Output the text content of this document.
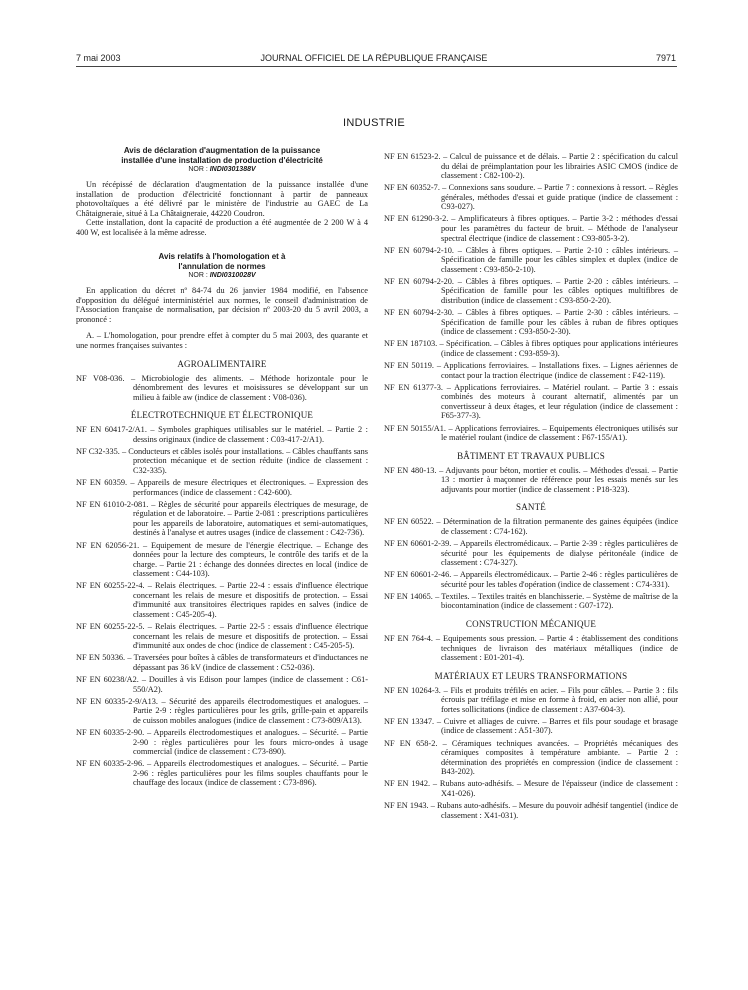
7 mai 2003	JOURNAL OFFICIEL DE LA RÉPUBLIQUE FRANÇAISE	7971
INDUSTRIE

Avis de déclaration d'augmentation de la puissance installée d'une installation de production d'électricité

NOR : INDI0301388V

Un récépissé de déclaration d'augmentation de la puissance installée d'une installation de production d'électricité fonctionnant à partir de panneaux photovoltaïques a été délivré par le ministère de l'industrie au GAEC de La Châtaigneraie, situé à La Châtaigneraie, 44220 Coudron.

Cette installation, dont la capacité de production a été augmentée de 2 200 W à 4 400 W, est localisée à la même adresse.

Avis relatifs à l'homologation et à l'annulation de normes

NOR : INDI0310028V

En application du décret nº 84-74 du 26 janvier 1984 modifié, en l'absence d'opposition du délégué interministériel aux normes, le conseil d'administration de l'Association française de normalisation, par décision nº 2003-20 du 5 avril 2003, a prononcé :

A. – L'homologation, pour prendre effet à compter du 5 mai 2003, des quarante et une normes françaises suivantes :

AGROALIMENTAIRE

NF V08-036. – Microbiologie des aliments. – Méthode horizontale pour le dénombrement des levures et moisissures se développant sur un milieu à faible aw (indice de classement : V08-036).

ÉLECTROTECHNIQUE ET ÉLECTRONIQUE

NF EN 60417-2/A1. – Symboles graphiques utilisables sur le matériel. – Partie 2 : dessins originaux (indice de classement : C03-417-2/A1).

NF C32-335. – Conducteurs et câbles isolés pour installations. – Câbles chauffants sans protection mécanique et de section réduite (indice de classement : C32-335).

NF EN 60359. – Appareils de mesure électriques et électroniques. – Expression des performances (indice de classement : C42-600).

NF EN 61010-2-081. – Règles de sécurité pour appareils électriques de mesurage, de régulation et de laboratoire. – Partie 2-081 : prescriptions particulières pour les appareils de laboratoire, automatiques et semi-automatiques, destinés à l'analyse et autres usages (indice de classement : C42-736).

NF EN 62056-21. – Equipement de mesure de l'énergie électrique. – Echange des données pour la lecture des compteurs, le contrôle des tarifs et de la charge. – Partie 21 : échange des données directes en local (indice de classement : C44-103).

NF EN 60255-22-4. – Relais électriques. – Partie 22-4 : essais d'influence électrique concernant les relais de mesure et dispositifs de protection. – Essai d'immunité aux transitoires électriques rapides en salves (indice de classement : C45-205-4).

NF EN 60255-22-5. – Relais électriques. – Partie 22-5 : essais d'influence électrique concernant les relais de mesure et dispositifs de protection. – Essai d'immunité aux ondes de choc (indice de classement : C45-205-5).

NF EN 50336. – Traversées pour boîtes à câbles de transformateurs et d'inductances ne dépassant pas 36 kV (indice de classement : C52-036).

NF EN 60238/A2. – Douilles à vis Edison pour lampes (indice de classement : C61-550/A2).

NF EN 60335-2-9/A13. – Sécurité des appareils électrodomestiques et analogues. – Partie 2-9 : règles particulières pour les grils, grille-pain et appareils de cuisson mobiles analogues (indice de classement : C73-809/A13).

NF EN 60335-2-90. – Appareils électrodomestiques et analogues. – Sécurité. – Partie 2-90 : règles particulières pour les fours micro-ondes à usage commercial (indice de classement : C73-890).

NF EN 60335-2-96. – Appareils électrodomestiques et analogues. – Sécurité. – Partie 2-96 : règles particulières pour les films souples chauffants pour le chauffage des locaux (indice de classement : C73-896).

NF EN 61523-2. – Calcul de puissance et de délais. – Partie 2 : spécification du calcul du délai de préimplantation pour les librairies ASIC CMOS (indice de classement : C82-100-2).

NF EN 60352-7. – Connexions sans soudure. – Partie 7 : connexions à ressort. – Règles générales, méthodes d'essai et guide pratique (indice de classement : C93-027).

NF EN 61290-3-2. – Amplificateurs à fibres optiques. – Partie 3-2 : méthodes d'essai pour les paramètres du facteur de bruit. – Méthode de l'analyseur spectral électrique (indice de classement : C93-805-3-2).

NF EN 60794-2-10. – Câbles à fibres optiques. – Partie 2-10 : câbles intérieurs. – Spécification de famille pour les câbles simplex et duplex (indice de classement : C93-850-2-10).

NF EN 60794-2-20. – Câbles à fibres optiques. – Partie 2-20 : câbles intérieurs. – Spécification de famille pour les câbles optiques multifibres de distribution (indice de classement : C93-850-2-20).

NF EN 60794-2-30. – Câbles à fibres optiques. – Partie 2-30 : câbles intérieurs. – Spécification de famille pour les câbles à ruban de fibres optiques (indice de classement : C93-850-2-30).

NF EN 187103. – Spécification. – Câbles à fibres optiques pour applications intérieures (indice de classement : C93-859-3).

NF EN 50119. – Applications ferroviaires. – Installations fixes. – Lignes aériennes de contact pour la traction électrique (indice de classement : F42-119).

NF EN 61377-3. – Applications ferroviaires. – Matériel roulant. – Partie 3 : essais combinés des moteurs à courant alternatif, alimentés par un convertisseur à deux étages, et leur régulation (indice de classement : F65-377-3).

NF EN 50155/A1. – Applications ferroviaires. – Equipements électroniques utilisés sur le matériel roulant (indice de classement : F67-155/A1).

BÂTIMENT ET TRAVAUX PUBLICS

NF EN 480-13. – Adjuvants pour béton, mortier et coulis. – Méthodes d'essai. – Partie 13 : mortier à maçonner de référence pour les essais menés sur les adjuvants pour mortier (indice de classement : P18-323).

SANTÉ

NF EN 60522. – Détermination de la filtration permanente des gaines équipées (indice de classement : C74-162).

NF EN 60601-2-39. – Appareils électromédicaux. – Partie 2-39 : règles particulières de sécurité pour les équipements de dialyse péritonéale (indice de classement : C74-327).

NF EN 60601-2-46. – Appareils électromédicaux. – Partie 2-46 : règles particulières de sécurité pour les tables d'opération (indice de classement : C74-331).

NF EN 14065. – Textiles. – Textiles traités en blanchisserie. – Système de maîtrise de la biocontamination (indice de classement : G07-172).

CONSTRUCTION MÉCANIQUE

NF EN 764-4. – Equipements sous pression. – Partie 4 : établissement des conditions techniques de livraison des matériaux métalliques (indice de classement : E01-201-4).

MATÉRIAUX ET LEURS TRANSFORMATIONS

NF EN 10264-3. – Fils et produits tréfilés en acier. – Fils pour câbles. – Partie 3 : fils écrouis par tréfilage et mise en forme à froid, en acier non allié, pour fortes sollicitations (indice de classement : A37-604-3).

NF EN 13347. – Cuivre et alliages de cuivre. – Barres et fils pour soudage et brasage (indice de classement : A51-307).

NF EN 658-2. – Céramiques techniques avancées. – Propriétés mécaniques des céramiques composites à température ambiante. – Partie 2 : détermination des propriétés en compression (indice de classement : B43-202).

NF EN 1942. – Rubans auto-adhésifs. – Mesure de l'épaisseur (indice de classement : X41-026).

NF EN 1943. – Rubans auto-adhésifs. – Mesure du pouvoir adhésif tangentiel (indice de classement : X41-031).
